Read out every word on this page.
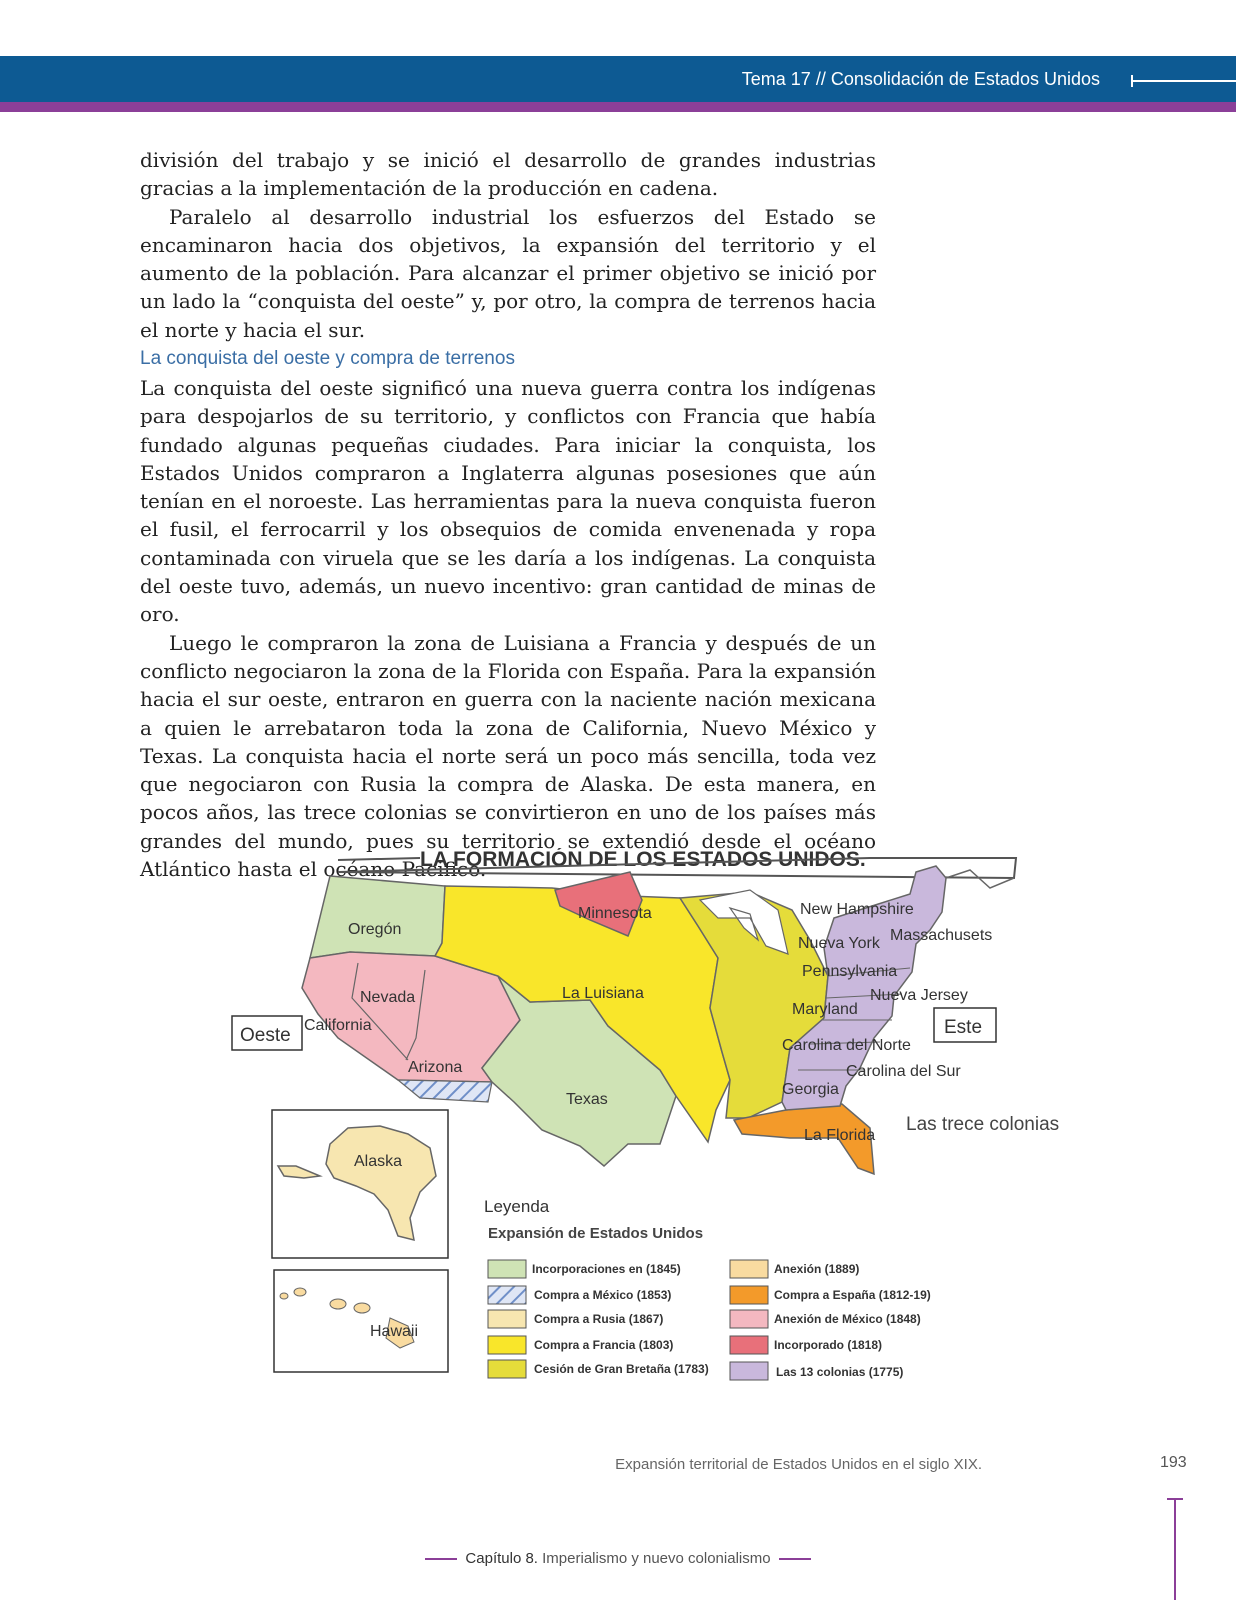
Tema 17 // Consolidación de Estados Unidos

división del trabajo y se inició el desarrollo de grandes industrias gracias a la implementación de la producción en cadena.

Paralelo al desarrollo industrial los esfuerzos del Estado se encaminaron hacia dos objetivos, la expansión del territorio y el aumento de la población. Para alcanzar el primer objetivo se inició por un lado la “conquista del oeste” y, por otro, la compra de terrenos hacia el norte y hacia el sur.

La conquista del oeste y compra de terrenos

La conquista del oeste significó una nueva guerra contra los indígenas para despojarlos de su territorio, y conflictos con Francia que había fundado algunas pequeñas ciudades. Para iniciar la conquista, los Estados Unidos compraron a Inglaterra algunas posesiones que aún tenían en el noroeste. Las herramientas para la nueva conquista fueron el fusil, el ferrocarril y los obsequios de comida envenenada y ropa contaminada con viruela que se les daría a los indígenas. La conquista del oeste tuvo, además, un nuevo incentivo: gran cantidad de minas de oro.

Luego le compraron la zona de Luisiana a Francia y después de un conflicto negociaron la zona de la Florida con España. Para la expansión hacia el sur oeste, entraron en guerra con la naciente nación mexicana a quien le arrebataron toda la zona de California, Nuevo México y Texas. La conquista hacia el norte será un poco más sencilla, toda vez que negociaron con Rusia la compra de Alaska. De esta manera, en pocos años, las trece colonias se convirtieron en uno de los países más grandes del mundo, pues su territorio se extendió desde el océano Atlántico hasta el océano Pacifico.

LA FORMACIÓN DE LOS ESTADOS UNIDOS.
Oregón
Nevada
California
Arizona
Texas
La Luisiana
Minnesota
La Florida
New Hampshire
Massachusets
Nueva York
Pennsylvania
Nueva Jersey
Maryland
Carolina del Norte
Carolina del Sur
Georgia
Las trece colonias
Oeste	Este
Alaska
Hawaii
Leyenda
Expansión de Estados Unidos
Incorporaciones en (1845)
Compra a México (1853)
Compra a Rusia (1867)
Compra a Francia (1803)
Cesión de Gran Bretaña (1783)
Anexión (1889)
Compra a España (1812-19)
Anexión de México (1848)
Incorporado (1818)
Las 13 colonias (1775)
Expansión territorial de Estados Unidos en el siglo XIX.	193
Capítulo 8. Imperialismo y nuevo colonialismo
